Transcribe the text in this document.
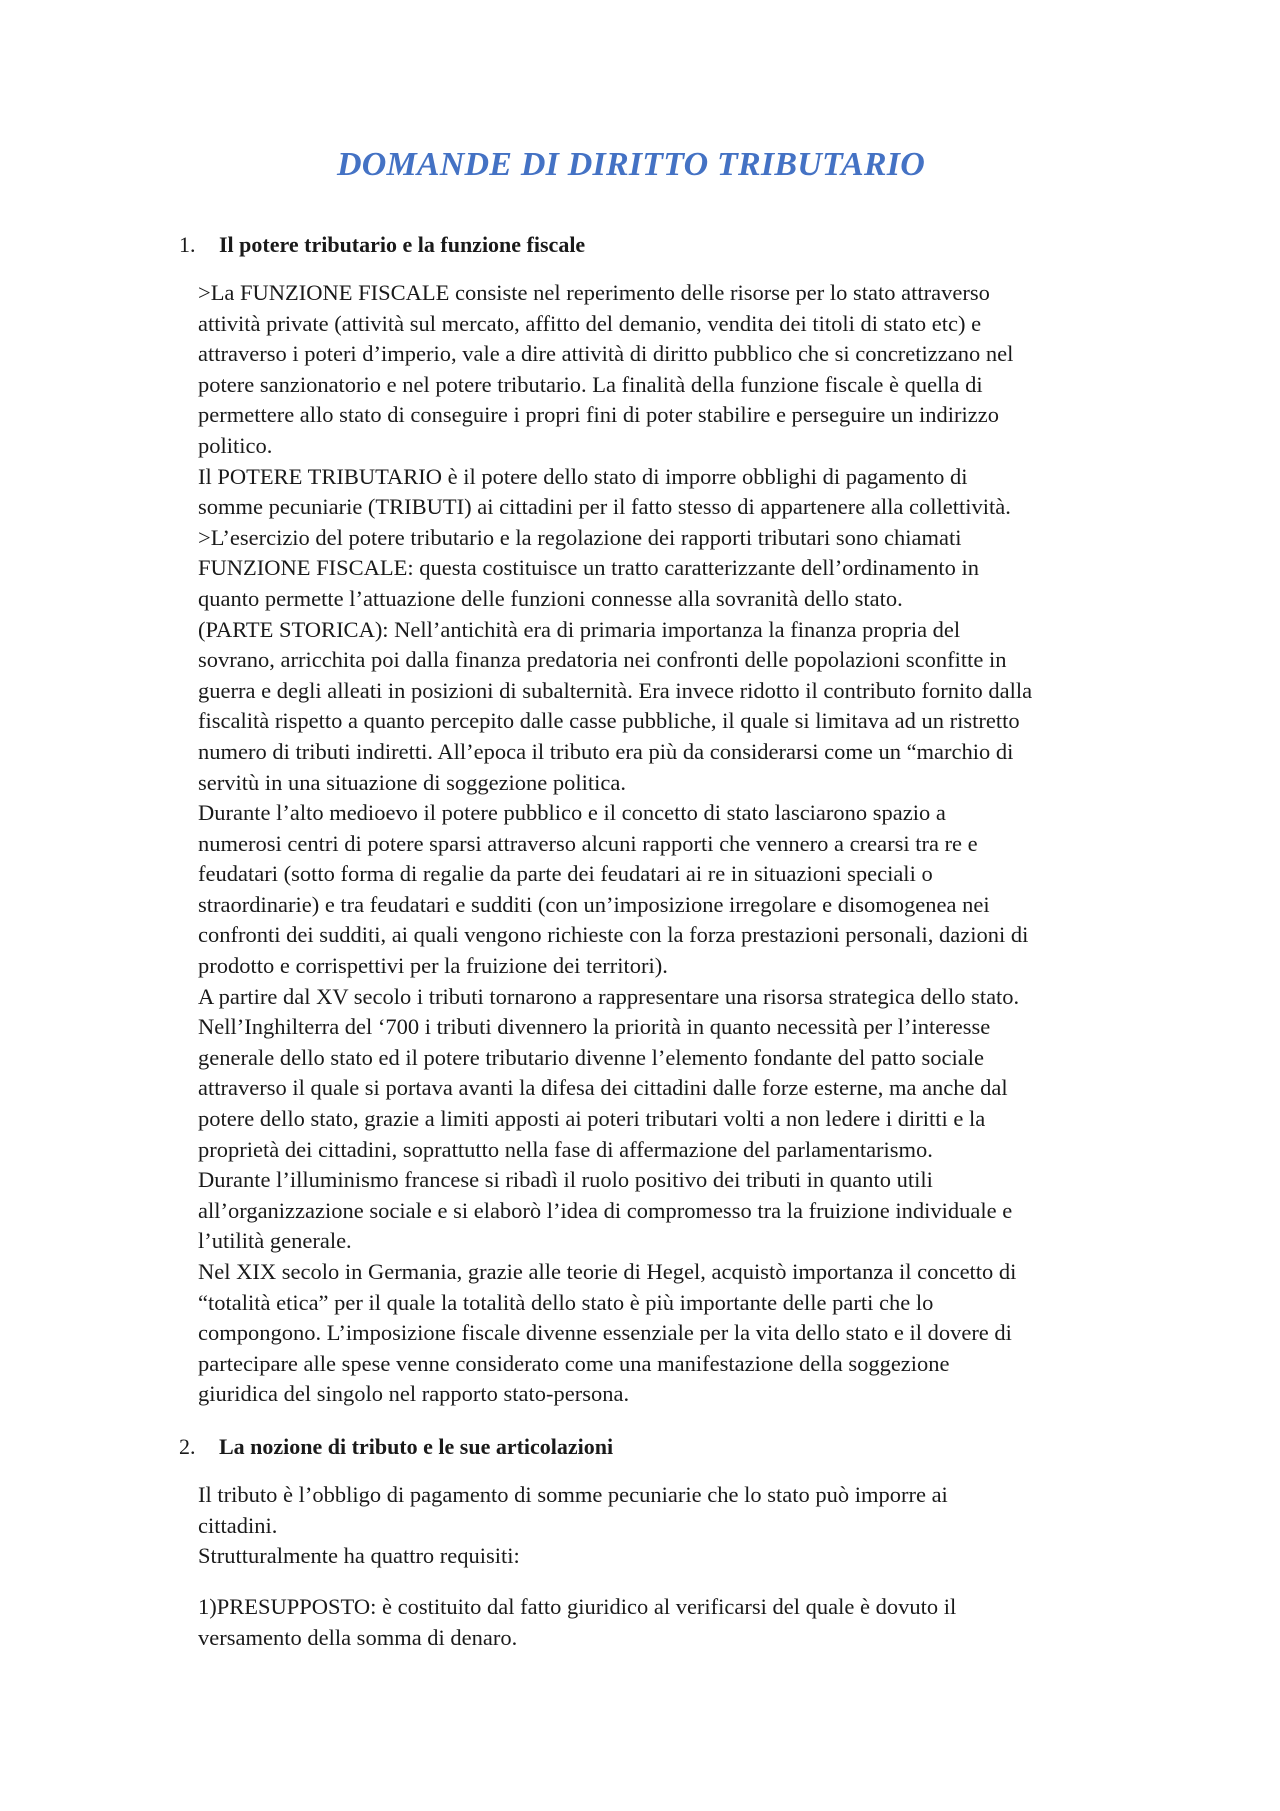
DOMANDE DI DIRITTO TRIBUTARIO
1. Il potere tributario e la funzione fiscale
>La FUNZIONE FISCALE consiste nel reperimento delle risorse per lo stato attraverso
attività private (attività sul mercato, affitto del demanio, vendita dei titoli di stato etc) e
attraverso i poteri d’imperio, vale a dire attività di diritto pubblico che si concretizzano nel
potere sanzionatorio e nel potere tributario. La finalità della funzione fiscale è quella di
permettere allo stato di conseguire i propri fini di poter stabilire e perseguire un indirizzo
politico.
Il POTERE TRIBUTARIO è il potere dello stato di imporre obblighi di pagamento di
somme pecuniarie (TRIBUTI) ai cittadini per il fatto stesso di appartenere alla collettività.
>L’esercizio del potere tributario e la regolazione dei rapporti tributari sono chiamati
FUNZIONE FISCALE: questa costituisce un tratto caratterizzante dell’ordinamento in
quanto permette l’attuazione delle funzioni connesse alla sovranità dello stato.
(PARTE STORICA): Nell’antichità era di primaria importanza la finanza propria del
sovrano, arricchita poi dalla finanza predatoria nei confronti delle popolazioni sconfitte in
guerra e degli alleati in posizioni di subalternità. Era invece ridotto il contributo fornito dalla
fiscalità rispetto a quanto percepito dalle casse pubbliche, il quale si limitava ad un ristretto
numero di tributi indiretti. All’epoca il tributo era più da considerarsi come un “marchio di
servitù in una situazione di soggezione politica.
Durante l’alto medioevo il potere pubblico e il concetto di stato lasciarono spazio a
numerosi centri di potere sparsi attraverso alcuni rapporti che vennero a crearsi tra re e
feudatari (sotto forma di regalie da parte dei feudatari ai re in situazioni speciali o
straordinarie) e tra feudatari e sudditi (con un’imposizione irregolare e disomogenea nei
confronti dei sudditi, ai quali vengono richieste con la forza prestazioni personali, dazioni di
prodotto e corrispettivi per la fruizione dei territori).
A partire dal XV secolo i tributi tornarono a rappresentare una risorsa strategica dello stato.
Nell’Inghilterra del ‘700 i tributi divennero la priorità in quanto necessità per l’interesse
generale dello stato ed il potere tributario divenne l’elemento fondante del patto sociale
attraverso il quale si portava avanti la difesa dei cittadini dalle forze esterne, ma anche dal
potere dello stato, grazie a limiti apposti ai poteri tributari volti a non ledere i diritti e la
proprietà dei cittadini, soprattutto nella fase di affermazione del parlamentarismo.
Durante l’illuminismo francese si ribadì il ruolo positivo dei tributi in quanto utili
all’organizzazione sociale e si elaborò l’idea di compromesso tra la fruizione individuale e
l’utilità generale.
Nel XIX secolo in Germania, grazie alle teorie di Hegel, acquistò importanza il concetto di
“totalità etica” per il quale la totalità dello stato è più importante delle parti che lo
compongono. L’imposizione fiscale divenne essenziale per la vita dello stato e il dovere di
partecipare alle spese venne considerato come una manifestazione della soggezione
giuridica del singolo nel rapporto stato-persona.
2. La nozione di tributo e le sue articolazioni
Il tributo è l’obbligo di pagamento di somme pecuniarie che lo stato può imporre ai
cittadini.
Strutturalmente ha quattro requisiti:
1)PRESUPPOSTO: è costituito dal fatto giuridico al verificarsi del quale è dovuto il
versamento della somma di denaro.
